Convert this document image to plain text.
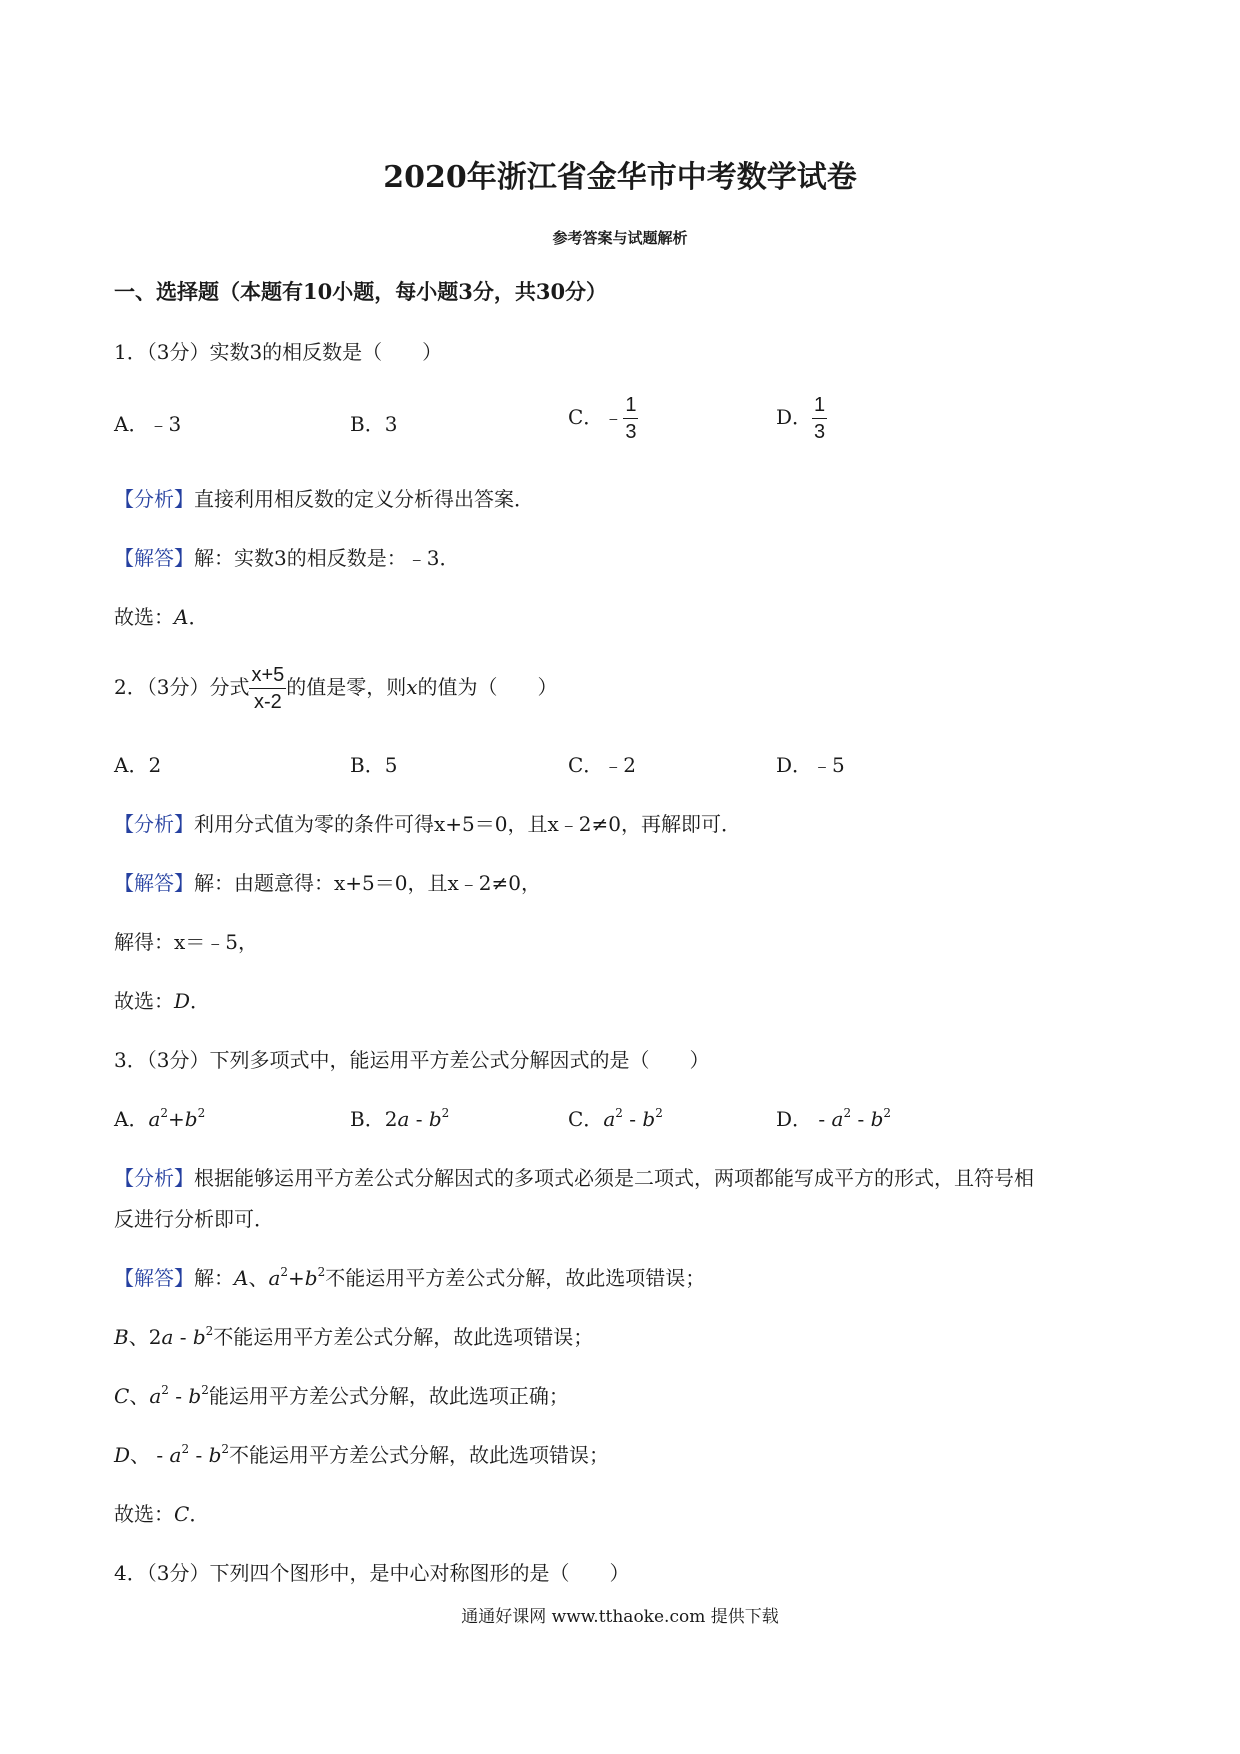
2020年浙江省金华市中考数学试卷
参考答案与试题解析
一、选择题（本题有10小题，每小题3分，共30分）
1．（3分）实数3的相反数是（　　）
A．﹣3	B．3	C．﹣ $\frac{1}{3}$	D． $\frac{1}{3}$
【分析】直接利用相反数的定义分析得出答案．
【解答】解：实数3的相反数是：﹣3．
故选：A．
2．（3分）分式 $\frac{x+5}{x-2}$ 的值是零，则x的值为（　　）
A．2	B．5	C．﹣2	D．﹣5
【分析】利用分式值为零的条件可得x+5＝0，且x﹣2≠0，再解即可．
【解答】解：由题意得：x+5＝0，且x﹣2≠0，
解得：x＝﹣5，
故选：D．
3．（3分）下列多项式中，能运用平方差公式分解因式的是（　　）
A．$a^2+b^2$	B．$2a - b^2$	C．$a^2 - b^2$	D． - $a^2 - b^2$
【分析】根据能够运用平方差公式分解因式的多项式必须是二项式，两项都能写成平方的形式，且符号相
反进行分析即可．
【解答】解：A、$a^2+b^2$不能运用平方差公式分解，故此选项错误；
B、$2a - b^2$不能运用平方差公式分解，故此选项错误；
C、$a^2 - b^2$能运用平方差公式分解，故此选项正确；
D、 - $a^2 - b^2$不能运用平方差公式分解，故此选项错误；
故选：C．
4．（3分）下列四个图形中，是中心对称图形的是（　　）
通通好课网 www.tthaoke.com 提供下载
